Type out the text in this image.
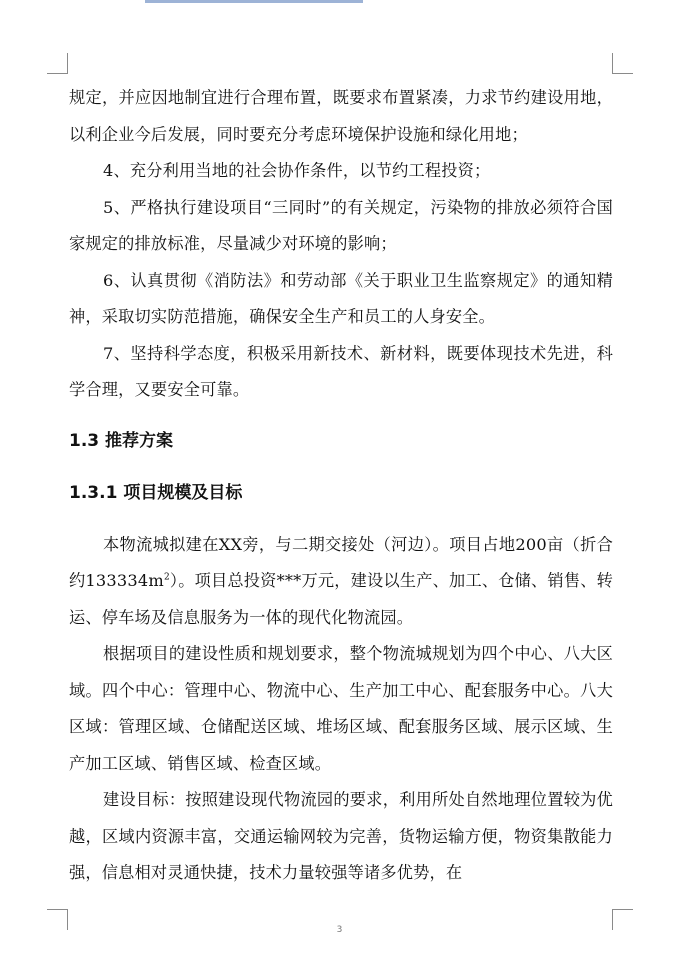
规定，并应因地制宜进行合理布置，既要求布置紧凑，力求节约建设用地，以利企业今后发展，同时要充分考虑环境保护设施和绿化用地；

4、充分利用当地的社会协作条件，以节约工程投资；

5、严格执行建设项目“三同时”的有关规定，污染物的排放必须符合国家规定的排放标准，尽量减少对环境的影响；

6、认真贯彻《消防法》和劳动部《关于职业卫生监察规定》的通知精神，采取切实防范措施，确保安全生产和员工的人身安全。

7、坚持科学态度，积极采用新技术、新材料，既要体现技术先进，科学合理，又要安全可靠。

1.3 推荐方案
1.3.1 项目规模及目标

本物流城拟建在XX旁，与二期交接处（河边）。项目占地200亩（折合约$133334m^2$）。项目总投资***万元，建设以生产、加工、仓储、销售、转运、停车场及信息服务为一体的现代化物流园。

根据项目的建设性质和规划要求，整个物流城规划为四个中心、八大区域。四个中心：管理中心、物流中心、生产加工中心、配套服务中心。八大区域：管理区域、仓储配送区域、堆场区域、配套服务区域、展示区域、生产加工区域、销售区域、检查区域。

建设目标：按照建设现代物流园的要求，利用所处自然地理位置较为优越，区域内资源丰富，交通运输网较为完善，货物运输方便，物资集散能力强，信息相对灵通快捷，技术力量较强等诸多优势，在

3
